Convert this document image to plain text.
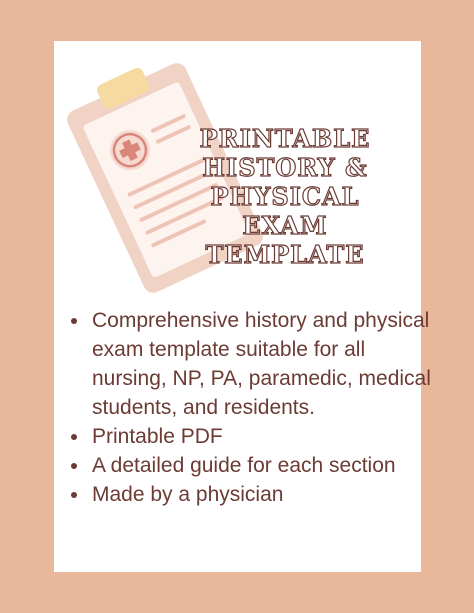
PRINTABLE
HISTORY &
PHYSICAL
EXAM
TEMPLATE
• Comprehensive history and physical exam template suitable for all nursing, NP, PA, paramedic, medical students, and residents.
• Printable PDF
• A detailed guide for each section
• Made by a physician
